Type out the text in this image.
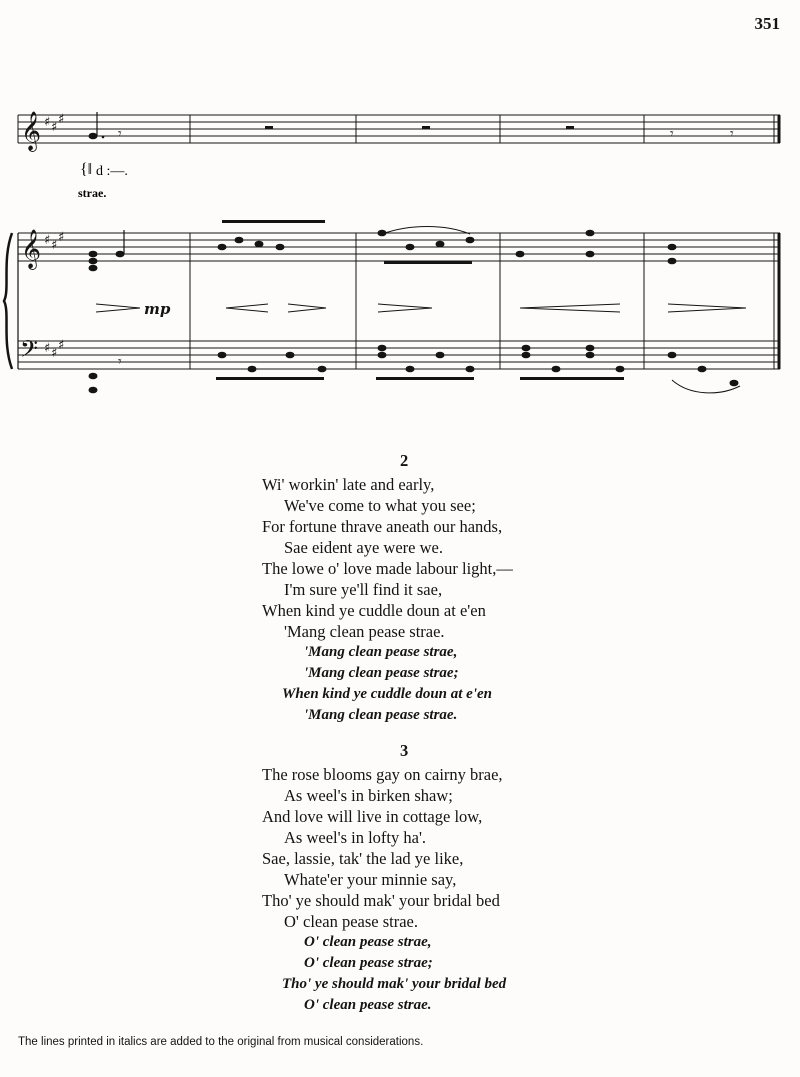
351
𝄞 ♯ ♯
♯
𝄾	𝄾	𝄾
{‖ d :—.
strae.
𝄞 ♯ ♯
♯
𝄢 ♯ ♯
♯
𝄾
mp
2
Wi' workin' late and early,
We've come to what you see;
For fortune thrave aneath our hands,
Sae eident aye were we.
The lowe o' love made labour light,—
I'm sure ye'll find it sae,
When kind ye cuddle doun at e'en
'Mang clean pease strae.
'Mang clean pease strae,
'Mang clean pease strae;
When kind ye cuddle doun at e'en
'Mang clean pease strae.
3
The rose blooms gay on cairny brae,
As weel's in birken shaw;
And love will live in cottage low,
As weel's in lofty ha'.
Sae, lassie, tak' the lad ye like,
Whate'er your minnie say,
Tho' ye should mak' your bridal bed
O' clean pease strae.
O' clean pease strae,
O' clean pease strae;
Tho' ye should mak' your bridal bed
O' clean pease strae.
The lines printed in italics are added to the original from musical considerations.
